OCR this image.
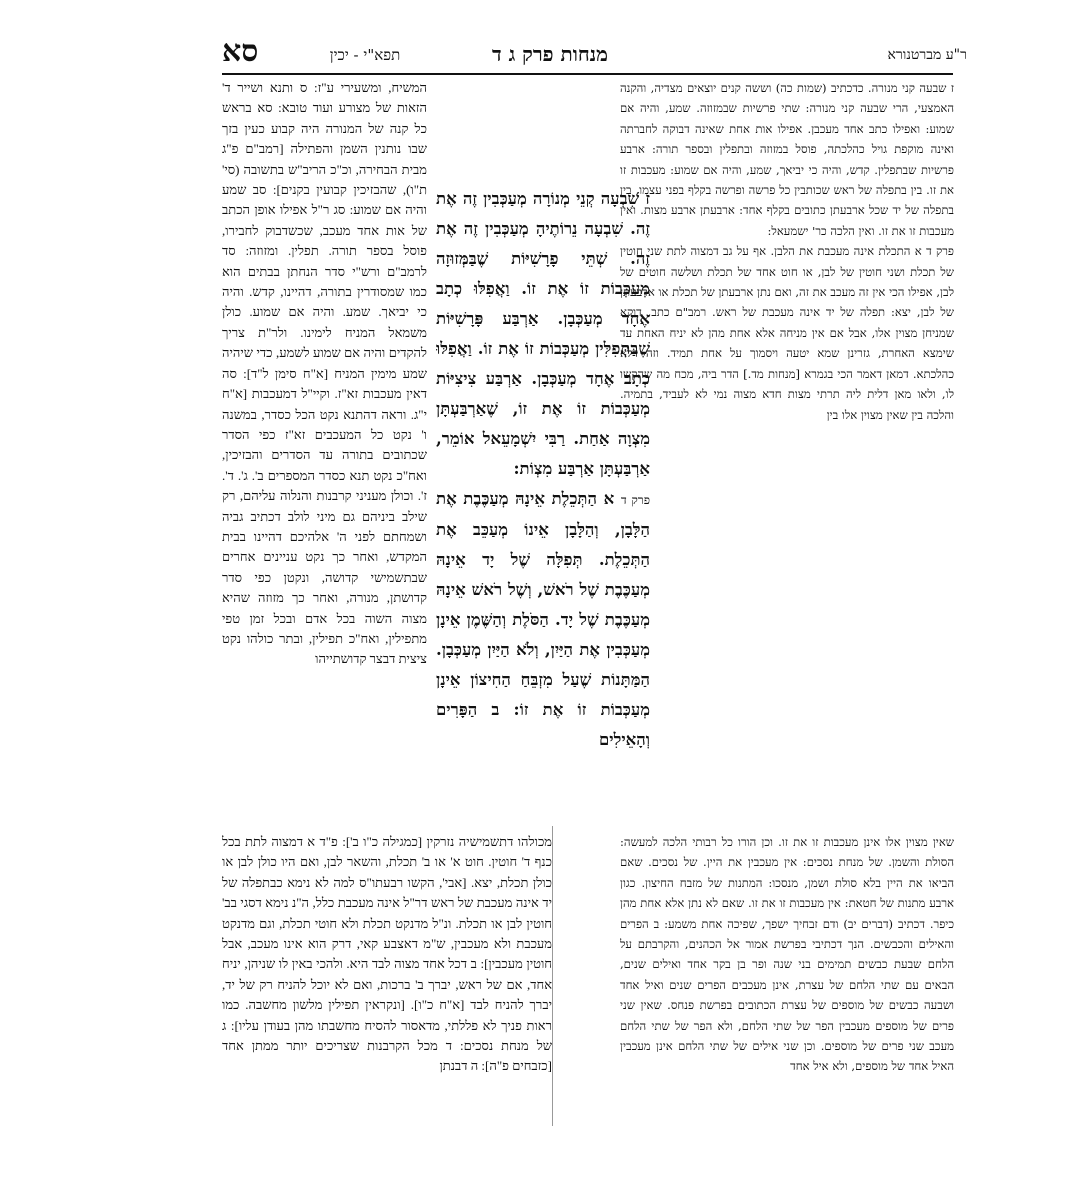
ר"ע מברטנורא
מנחות פרק ג ד
תפא"י - יכין
סא

ז שבעה קני מנורה. כדכתיב (שמות כה) וששה קנים יוצאים מצדיה, והקנה האמצעי, הרי שבעה קני מנורה: שתי פרשיות שבמזוזה. שמע, והיה אם שמוע: ואפילו כתב אחד מעכבן. אפילו אות אחת שאינה דבוקה לחברתה ואינה מוקפת גויל כהלכתה, פוסל במזוזה ובתפלין ובספר תורה: ארבע פרשיות שבתפלין. קדש, והיה כי יביאך, שמע, והיה אם שמוע: מעכבות זו את זו. בין בתפלה של ראש שכותבין כל פרשה ופרשה בקלף בפני עצמו, בין בתפלה של יד שכל ארבעתן כתובים בקלף אחד: ארבעתן ארבע מצות. ואין מעכבות זו את זו. ואין הלכה כר' ישמעאל:

פרק ד א התכלת אינה מעכבת את הלבן. אף על גב דמצוה לתת שני חוטין של תכלת ושני חוטין של לבן, או חוט אחד של תכלת ושלשה חוטים של לבן, אפילו הכי אין זה מעכב את זה, ואם נתן ארבעתן של תכלת או ארבעתן של לבן, יצא: תפלה של יד אינה מעכבת של ראש. רמב"ם כתב, דוקא שמניחן מצוין אלו, אבל אם אין מניחה אלא אחת מהן לא יניח האחת עד שימצא האחרת, גזרינן שמא יטעה ויסמוך על אחת תמיד. וזה דלא כהלכתא. דמאן דאמר הכי בגמרא [מנחות מד.] הדר ביה, מכח מה שהקשו לו, ולאו מאן דלית ליה תרתי מצות חדא מצוה נמי לא לעביד, בתמיה. והלכה בין שאין מצוין אלו בין

ז שִׁבְעָה קְנֵי מְנוֹרָה מְעַכְּבִין זֶה אֶת זֶה. שִׁבְעָה נֵרוֹתֶיהָ מְעַכְּבִין זֶה אֶת זֶה. שְׁתֵּי פָרָשִׁיּוֹת שֶׁבַּמְּזוּזָה מְעַכְּבוֹת זוֹ אֶת זוֹ. וַאֲפִלּוּ כְתָב אֶחָד מְעַכְּבָן. אַרְבַּע פָּרָשִׁיּוֹת שֶׁבַּתְּפִלִּין מְעַכְּבוֹת זוֹ אֶת זוֹ. וַאֲפִלּוּ כְתָב אֶחָד מְעַכְּבָן. אַרְבַּע צִיצִיּוֹת מְעַכְּבוֹת זוֹ אֶת זוֹ, שֶׁאַרְבַּעְתָּן מִצְוָה אַחַת. רַבִּי יִשְׁמָעֵאל אוֹמֵר, אַרְבַּעְתָּן אַרְבַּע מִצְוֹת:

פרק ד א הַתְּכֵלֶת אֵינָהּ מְעַכֶּבֶת אֶת הַלָּבָן, וְהַלָּבָן אֵינוֹ מְעַכֵּב אֶת הַתְּכֵלֶת. תְּפִלָּה שֶׁל יָד אֵינָהּ מְעַכֶּבֶת שֶׁל רֹאשׁ, וְשֶׁל רֹאשׁ אֵינָהּ מְעַכֶּבֶת שֶׁל יָד. הַסֹּלֶת וְהַשֶּׁמֶן אֵינָן מְעַכְּבִין אֶת הַיַּיִן, וְלֹא הַיַּיִן מְעַכְּבָן. הַמַּתָּנוֹת שֶׁעַל מִזְבֵּחַ הַחִיצוֹן אֵינָן מְעַכְּבוֹת זוֹ אֶת זוֹ: ב הַפָּרִים וְהָאֵילִים

המשיח, ומשעירי ע"ז: ס ותנא ושייר ד' הזאות של מצורע ועוד טובא: סא בראש כל קנה של המנורה היה קבוע כעין בזך שבו נותנין השמן והפתילה [רמב"ם פ"ג מבית הבחירה, וכ"כ הריב"ש בתשובה (סי' ת"ו), שהבזיכין קבועין בקנים]: סב שמע והיה אם שמוע: סג ר"ל אפילו אופן הכתב של אות אחד מעכב, שכשדבוק לחבירו, פוסל בספר תורה. תפלין. ומזוזה: סד לרמב"ם ורש"י סדר הנחתן בבתים הוא כמו שמסודרין בתורה, דהיינו, קדש. והיה כי יביאך. שמע. והיה אם שמוע. כולן משמאל המניח לימינו. ולר"ת צריך להקדים והיה אם שמוע לשמע, כדי שיהיה שמע מימין המניח [א"ח סימן ל"ד]: סה דאין מעכבות זא"ז. וקיי"ל דמעכבות [א"ח י"ג. וראה דהתנא נקט הכל כסדר, במשנה ו' נקט כל המעכבים זא"ז כפי הסדר שכתובים בתורה עד הסדרים והבזיכין, ואח"כ נקט תנא כסדר המספרים ב'. ג'. ד'. ז'. וכולן מעניני קרבנות והנלוה עליהם, רק שילב ביניהם גם מיני לולב דכתיב גביה ושמחתם לפני ה' אלהיכם דהיינו בבית המקדש, ואחר כך נקט עניינים אחרים שבתשמישי קדושה, ונקטן כפי סדר קדושתן, מנורה, ואחר כך מזוזה שהיא מצוה השוה בכל אדם ובכל זמן טפי מתפילין, ואח"כ תפילין, ובתר כולהו נקט ציצית דבצר קדושתייהו

שאין מצוין אלו אינן מעכבות זו את זו. וכן הורו כל רבותי הלכה למעשה: הסולת והשמן. של מנחת נסכים: אין מעכבין את היין. של נסכים. שאם הביאו את היין בלא סולת ושמן, מנסכו: המתנות של מזבח החיצון. כגון ארבע מתנות של חטאת: אין מעכבות זו את זו. שאם לא נתן אלא אחת מהן כיפר. דכתיב (דברים יב) ודם זבחיך ישפך, שפיכה אחת משמע: ב הפרים והאילים והכבשים. הנך דכתיבי בפרשת אמור אל הכהנים, והקרבתם על הלחם שבעת כבשים תמימים בני שנה ופר בן בקר אחד ואילים שנים, הבאים עם שתי הלחם של עצרת, אינן מעכבים הפרים שנים ואיל אחד ושבעה כבשים של מוספים של עצרת הכתובים בפרשת פנחס. שאין שני פרים של מוספים מעכבין הפר של שתי הלחם, ולא הפר של שתי הלחם מעכב שני פרים של מוספים. וכן שני אילים של שתי הלחם אינן מעכבין האיל אחד של מוספים, ולא איל אחד

מכולהו דתשמישיה נזרקין [כמגילה כ"ו ב']: פ"ד א דמצוה לתת בכל כנף ד' חוטין. חוט א' או ב' תכלת, והשאר לבן, ואם היו כולן לבן או כולן תכלת, יצא. [אבי', הקשו רבעתו"ס למה לא נימא כבתפלה של יד אינה מעכבת של ראש דר"ל אינה מעכבת כלל, ה"נ נימא דסגי בב' חוטין לבן או תכלת. ונ"ל מדנקט תכלת ולא חוטי תכלת, וגם מדנקט מעכבת ולא מעכבין, ש"מ דאצבע קאי, דרק הוא אינו מעכב, אבל חוטין מעכבין]: ב דכל אחד מצוה לבד היא. ולהכי באין לו שניהן, יניח אחד, אם של ראש, יברך ב' ברכות, ואם לא יוכל להניח רק של יד, יברך להניח לבד [א"ח כ"ו]. [ונקראין תפילין מלשון מחשבה. כמו ראות פניך לא פללתי, מדאסור להסיח מחשבתו מהן בעודן עליו]: ג של מנחת נסכים: ד מכל הקרבנות שצריכים יותר ממתן אחד [כזבחים פ"ה]: ה דבנתן
